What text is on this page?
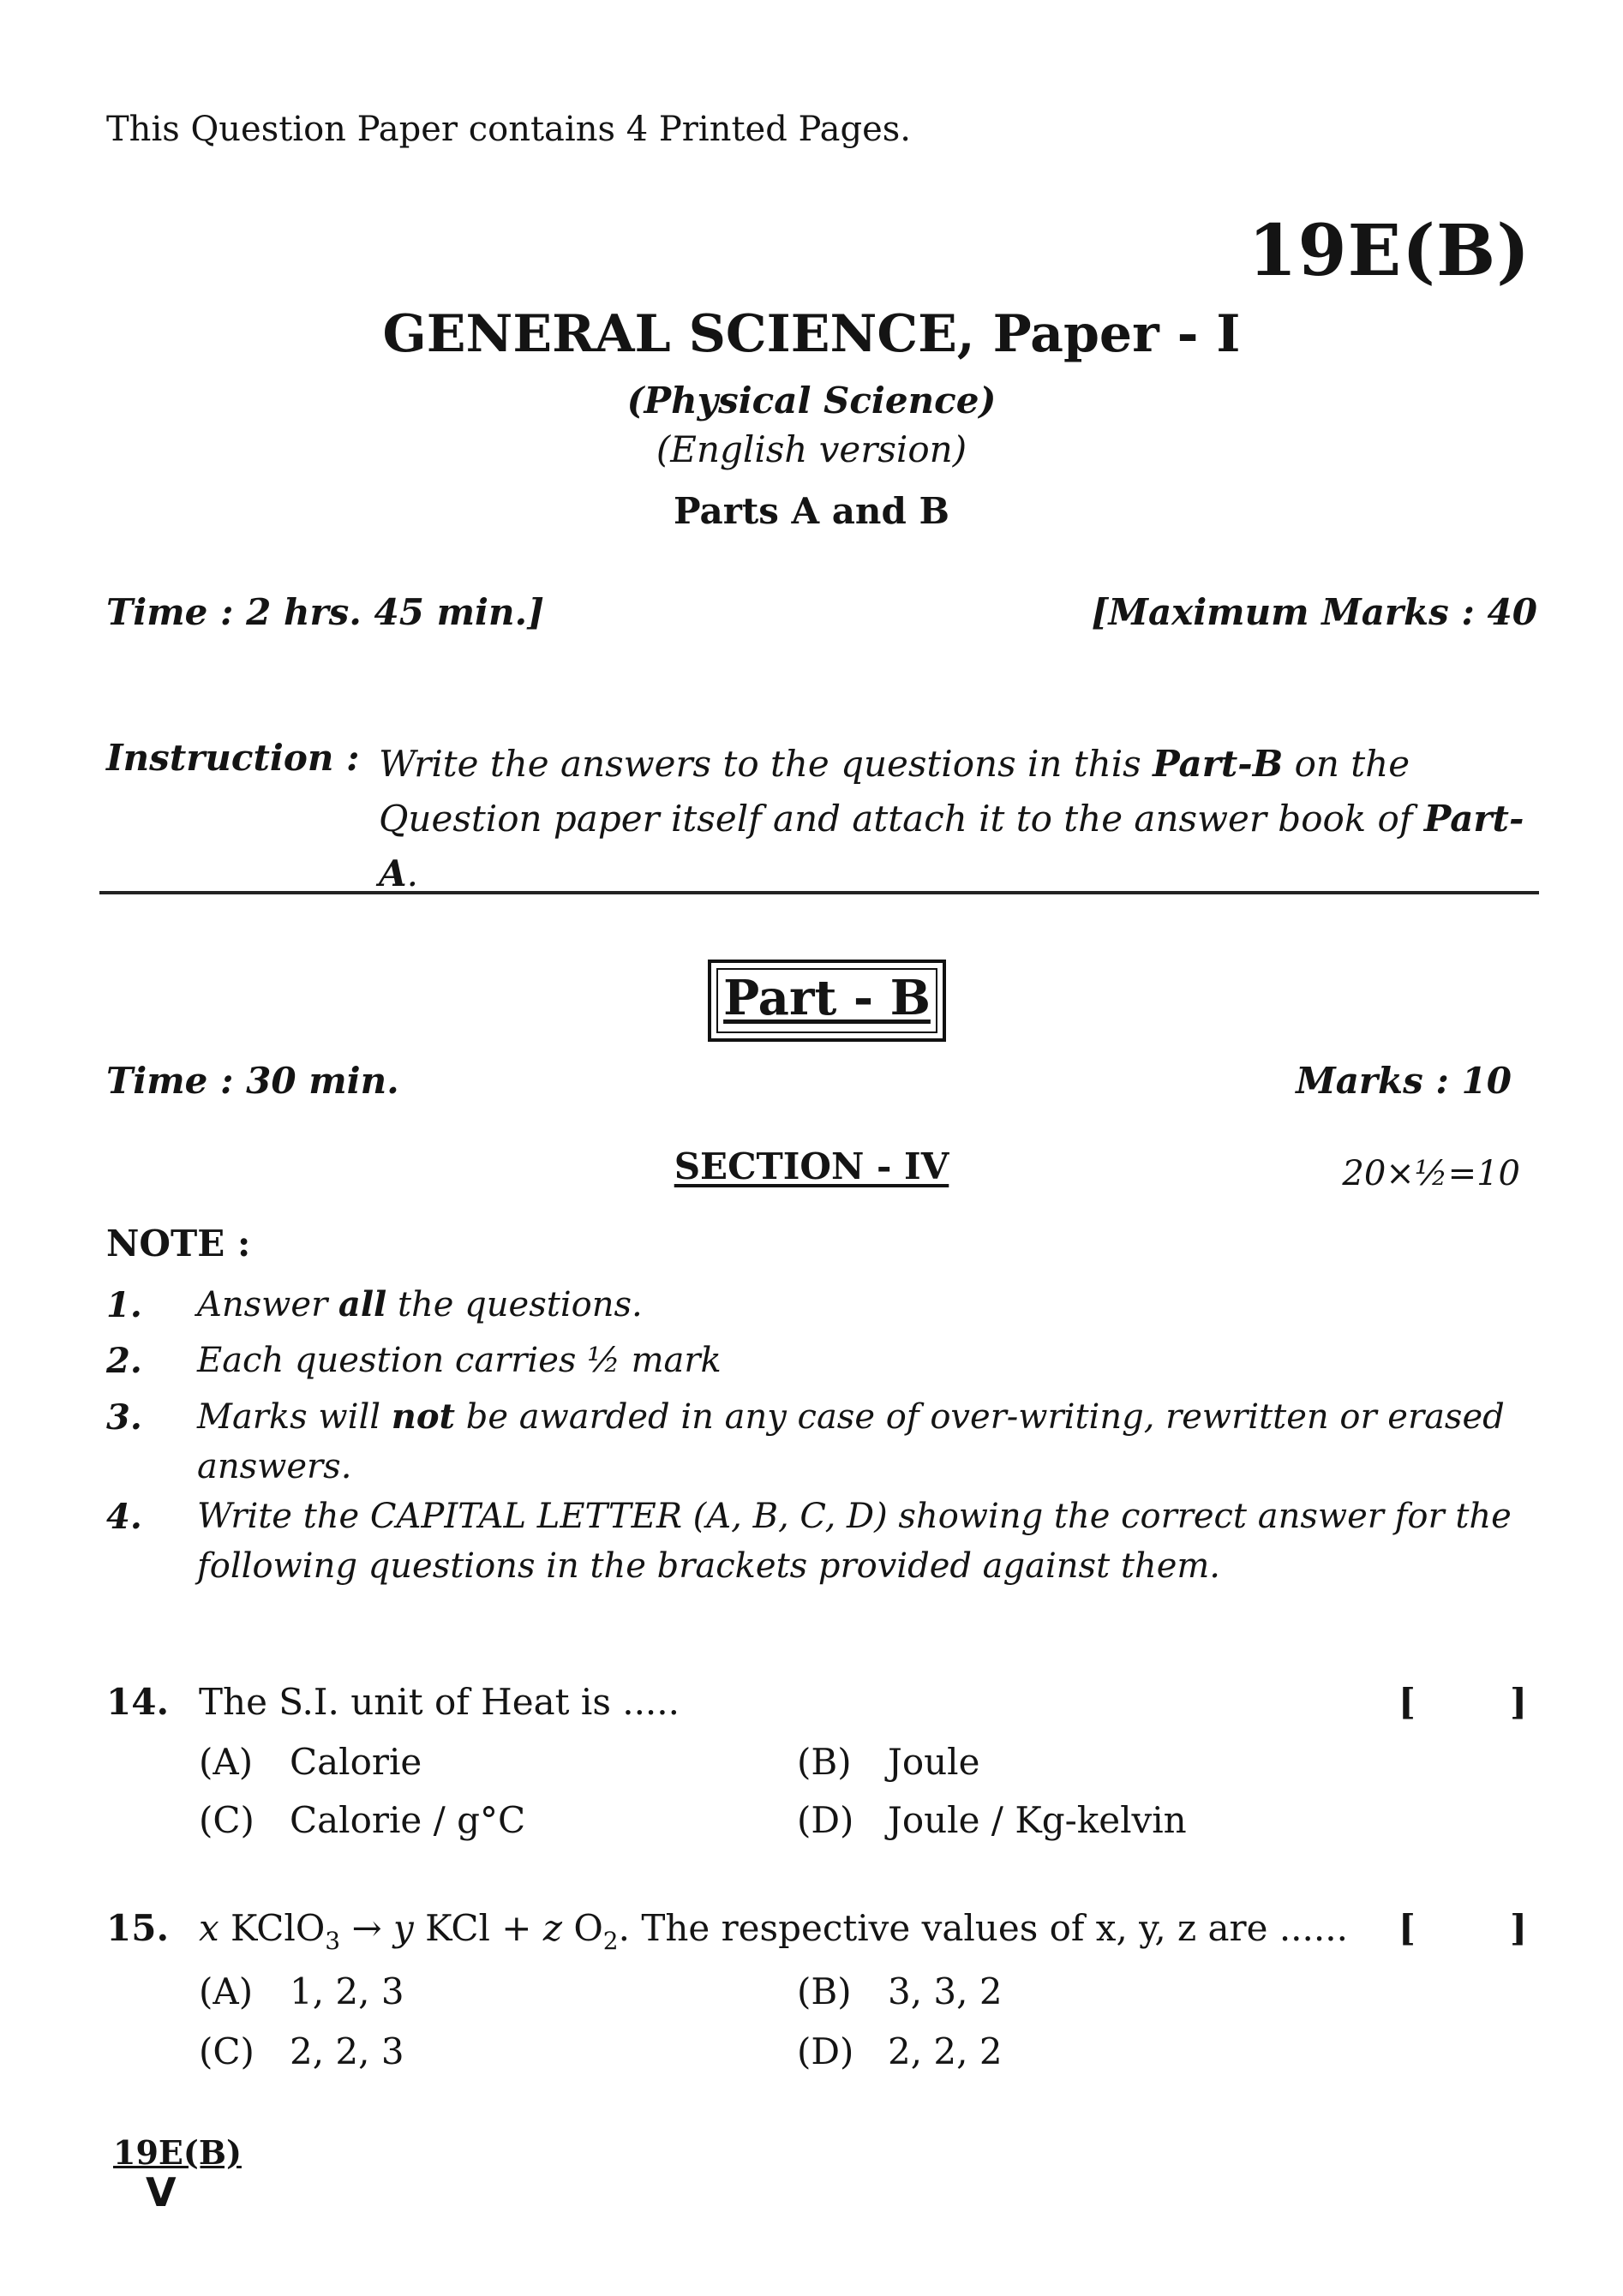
This Question Paper contains 4 Printed Pages.
19E(B)
GENERAL SCIENCE, Paper - I
(Physical Science)
(English version)
Parts A and B
Time : 2 hrs. 45 min.]	[Maximum Marks : 40
Instruction : Write the answers to the questions in this Part-B on the Question paper itself and attach it to the answer book of Part-A.
Part - B
Time : 30 min.	Marks : 10
SECTION - IV	20×½=10
NOTE :
1. Answer all the questions.
2. Each question carries ½ mark
3. Marks will not be awarded in any case of over-writing, rewritten or erased answers.
4. Write the CAPITAL LETTER (A, B, C, D) showing the correct answer for the following questions in the brackets provided against them.
14. The S.I. unit of Heat is .....	[	]
(A) Calorie	(B) Joule
(C) Calorie / g°C	(D) Joule / Kg-kelvin
15. x KClO$_3$ → y KCl + z $O_2$. The respective values of x, y, z are ...... [	]
(A) 1, 2, 3	(B) 3, 3, 2
(C) 2, 2, 3	(D) 2, 2, 2
19E(B)
V
